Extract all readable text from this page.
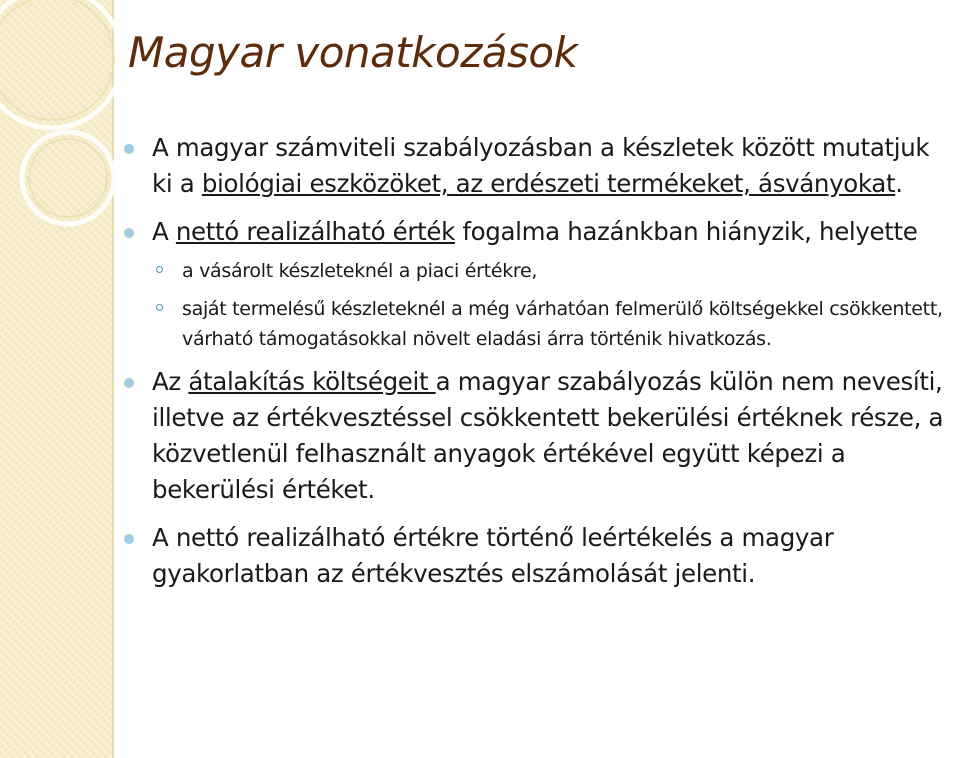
Magyar vonatkozások

A magyar számviteli szabályozásban a készletek között mutatjuk ki a biológiai eszközöket, az erdészeti termékeket, ásványokat.

A nettó realizálható érték fogalma hazánkban hiányzik, helyette

a vásárolt készleteknél a piaci értékre,

saját termelésű készleteknél a még várhatóan felmerülő költségekkel csökkentett, várható támogatásokkal növelt eladási árra történik hivatkozás.

Az átalakítás költségeit a magyar szabályozás külön nem nevesíti, illetve az értékvesztéssel csökkentett bekerülési értéknek része, a közvetlenül felhasznált anyagok értékével együtt képezi a bekerülési értéket.

A nettó realizálható értékre történő leértékelés a magyar gyakorlatban az értékvesztés elszámolását jelenti.
